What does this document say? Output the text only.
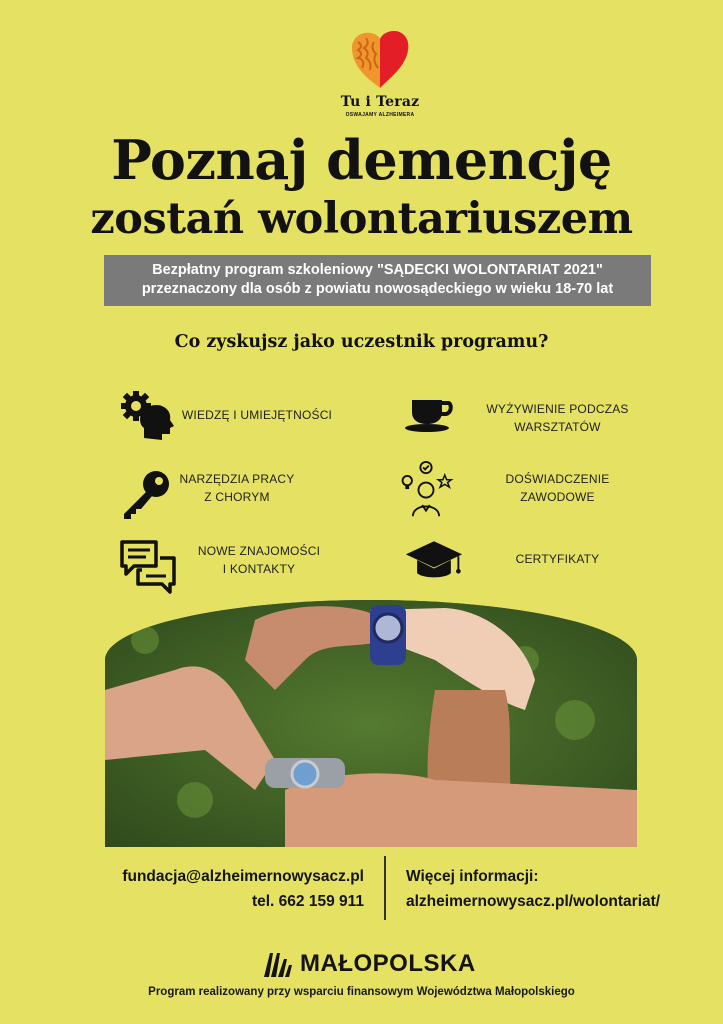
Tu i Teraz
OSWAJAMY ALZHEIMERA
Poznaj demencję
zostań wolontariuszem
Bezpłatny program szkoleniowy "SĄDECKI WOLONTARIAT 2021"
przeznaczony dla osób z powiatu nowosądeckiego w wieku 18-70 lat
Co zyskujsz jako uczestnik programu?
WIEDZĘ I UMIEJĘTNOŚCI	WYŻYWIENIE PODCZAS
WARSZTATÓW
NARZĘDZIA PRACY
Z CHORYM
DOŚWIADCZENIE
ZAWODOWE
NOWE ZNAJOMOŚCI
I KONTAKTY
CERTYFIKATY
fundacja@alzheimernowysacz.pl
tel. 662 159 911
Więcej informacji:
alzheimernowysacz.pl/wolontariat/
MAŁOPOLSKA
Program realizowany przy wsparciu finansowym Województwa Małopolskiego
